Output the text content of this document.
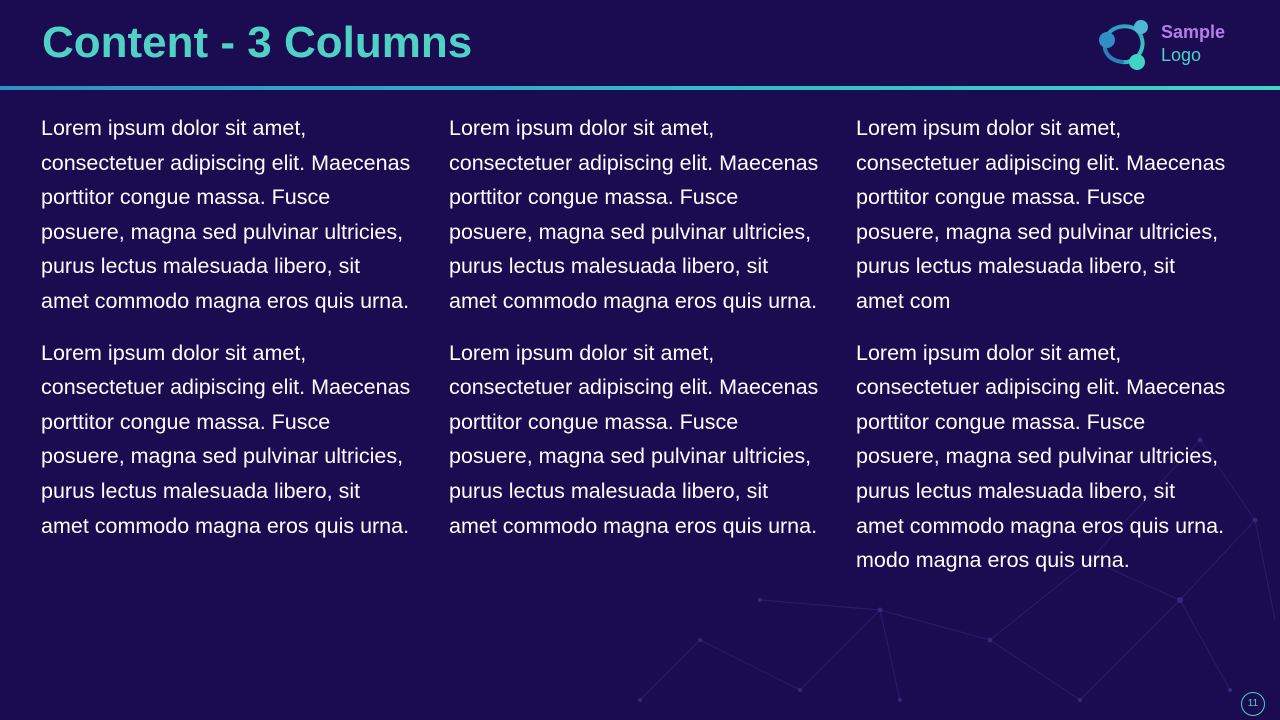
Content - 3 Columns	Sample
Logo

Lorem ipsum dolor sit amet, consectetuer adipiscing elit. Maecenas porttitor congue massa. Fusce posuere, magna sed pulvinar ultricies, purus lectus malesuada libero, sit amet commodo magna eros quis urna.

Lorem ipsum dolor sit amet, consectetuer adipiscing elit. Maecenas porttitor congue massa. Fusce posuere, magna sed pulvinar ultricies, purus lectus malesuada libero, sit amet commodo magna eros quis urna.

Lorem ipsum dolor sit amet, consectetuer adipiscing elit. Maecenas porttitor congue massa. Fusce posuere, magna sed pulvinar ultricies, purus lectus malesuada libero, sit amet commodo magna eros quis urna.

Lorem ipsum dolor sit amet, consectetuer adipiscing elit. Maecenas porttitor congue massa. Fusce posuere, magna sed pulvinar ultricies, purus lectus malesuada libero, sit amet commodo magna eros quis urna.

Lorem ipsum dolor sit amet, consectetuer adipiscing elit. Maecenas porttitor congue massa. Fusce posuere, magna sed pulvinar ultricies, purus lectus malesuada libero, sit amet com

Lorem ipsum dolor sit amet, consectetuer adipiscing elit. Maecenas porttitor congue massa. Fusce posuere, magna sed pulvinar ultricies, purus lectus malesuada libero, sit amet commodo magna eros quis urna. modo magna eros quis urna.

11
